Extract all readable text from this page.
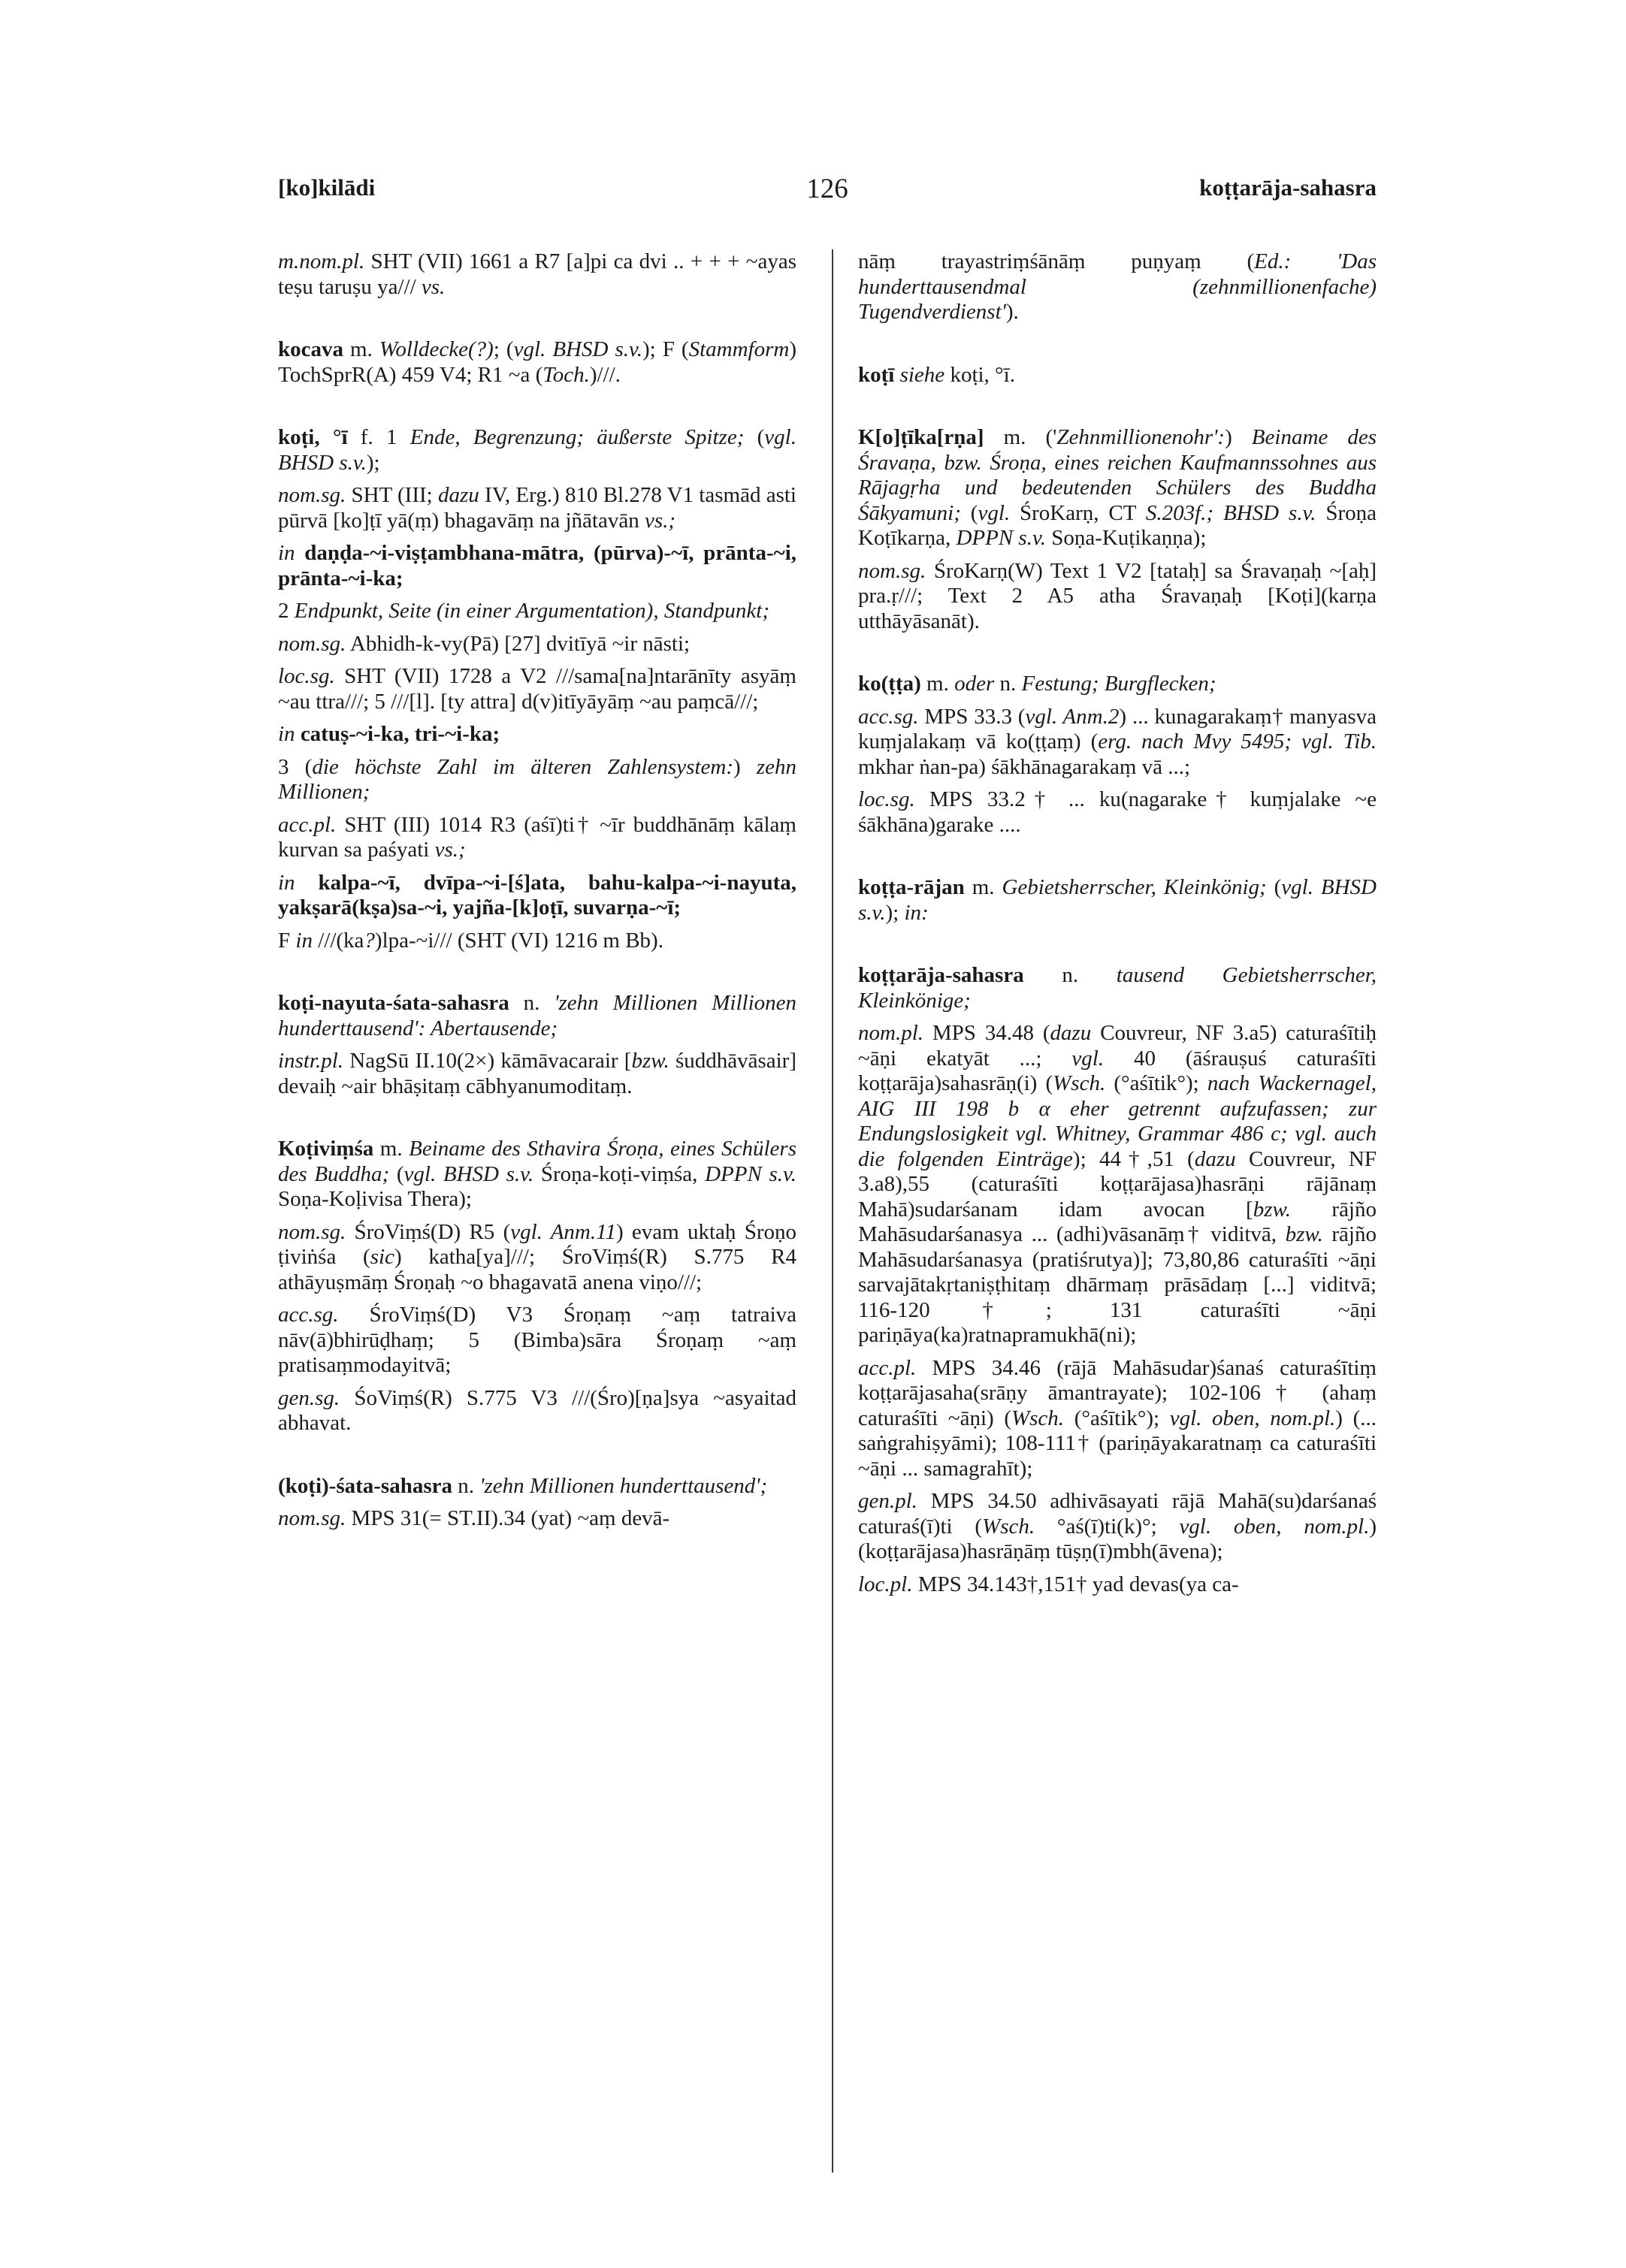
[ko]kilādi	126	koṭṭarāja-sahasra

m.nom.pl. SHT (VII) 1661 a R7 [a]pi ca dvi .. + + + ~ayas teṣu taruṣu ya/// vs.

kocava m. Wolldecke(?); (vgl. BHSD s.v.); F (Stammform) TochSprR(A) 459 V4; R1 ~a (Toch.)///.

koṭi, °ī f. 1 Ende, Begrenzung; äußerste Spitze; (vgl. BHSD s.v.);

nom.sg. SHT (III; dazu IV, Erg.) 810 Bl.278 V1 tasmād asti pūrvā [ko]ṭī yā(ṃ) bhagavāṃ na jñātavān vs.;

in daṇḍa-~i-viṣṭambhana-mātra, (pūrva)-~ī, prānta-~i, prānta-~i-ka;

2 Endpunkt, Seite (in einer Argumentation), Standpunkt;

nom.sg. Abhidh-k-vy(Pā) [27] dvitīyā ~ir nāsti;

loc.sg. SHT (VII) 1728 a V2 ///sama[na]ntarānīty asyāṃ ~au ttra///; 5 ///[l]. [ty attra] d(v)itīyāyāṃ ~au paṃcā///;

in catuṣ-~i-ka, tri-~i-ka;

3 (die höchste Zahl im älteren Zahlensystem:) zehn Millionen;

acc.pl. SHT (III) 1014 R3 (aśī)ti† ~īr buddhānāṃ kālaṃ kurvan sa paśyati vs.;

in kalpa-~ī, dvīpa-~i-[ś]ata, bahu-kalpa-~i-nayuta, yakṣarā(kṣa)sa-~i, yajña-[k]oṭī, suvarṇa-~ī;

F in ///(ka?)lpa-~i/// (SHT (VI) 1216 m Bb).

koṭi-nayuta-śata-sahasra n. 'zehn Millionen Millionen hunderttausend': Abertausende;

instr.pl. NagSū II.10(2×) kāmāvacarair [bzw. śuddhāvāsair] devaiḥ ~air bhāṣitaṃ cābhyanumoditaṃ.

Koṭiviṃśa m. Beiname des Sthavira Śroṇa, eines Schülers des Buddha; (vgl. BHSD s.v. Śroṇa-koṭi-viṃśa, DPPN s.v. Soṇa-Koḷivisa Thera);

nom.sg. ŚroViṃś(D) R5 (vgl. Anm.11) evam uktaḥ Śroṇo ṭiviṅśa (sic) katha[ya]///; ŚroViṃś(R) S.775 R4 athāyuṣmāṃ Śroṇaḥ ~o bhagavatā anena viṇo///;

acc.sg. ŚroViṃś(D) V3 Śroṇaṃ ~aṃ tatraiva nāv(ā)bhirūḍhaṃ; 5 (Bimba)sāra Śroṇaṃ ~aṃ pratisaṃmodayitvā;

gen.sg. ŚoViṃś(R) S.775 V3 ///(Śro)[ṇa]sya ~asyaitad abhavat.

(koṭi)-śata-sahasra n. 'zehn Millionen hunderttausend';

nom.sg. MPS 31(= ST.II).34 (yat) ~aṃ devā-

nāṃ trayastriṃśānāṃ puṇyaṃ (Ed.: 'Das hunderttausendmal (zehnmillionenfache) Tugendverdienst').

koṭī siehe koṭi, °ī.

K[o]ṭīka[rṇa] m. ('Zehnmillionenohr':) Beiname des Śravaṇa, bzw. Śroṇa, eines reichen Kaufmannssohnes aus Rājagṛha und bedeutenden Schülers des Buddha Śākyamuni; (vgl. ŚroKarṇ, CT S.203f.; BHSD s.v. Śroṇa Koṭīkarṇa, DPPN s.v. Soṇa-Kuṭikaṇṇa);

nom.sg. ŚroKarṇ(W) Text 1 V2 [tataḥ] sa Śravaṇaḥ ~[aḥ] pra.ṛ///; Text 2 A5 atha Śravaṇaḥ [Koṭi](karṇa utthāyāsanāt).

ko(ṭṭa) m. oder n. Festung; Burgflecken;

acc.sg. MPS 33.3 (vgl. Anm.2) ... kunagarakaṃ† manyasva kuṃjalakaṃ vā ko(ṭṭaṃ) (erg. nach Mvy 5495; vgl. Tib. mkhar ṅan-pa) śākhānagarakaṃ vā ...;

loc.sg. MPS 33.2† ... ku(nagarake† kuṃjalake ~e śākhāna)garake ....

koṭṭa-rājan m. Gebietsherrscher, Kleinkönig; (vgl. BHSD s.v.); in:

koṭṭarāja-sahasra n. tausend Gebietsherrscher, Kleinkönige;

nom.pl. MPS 34.48 (dazu Couvreur, NF 3.a5) caturaśītiḥ ~āṇi ekatyāt ...; vgl. 40 (āśrauṣuś caturaśīti koṭṭarāja)sahasrāṇ(i) (Wsch. (°aśītik°); nach Wackernagel, AIG III 198 b α eher getrennt aufzufassen; zur Endungslosigkeit vgl. Whitney, Grammar 486 c; vgl. auch die folgenden Einträge); 44†,51 (dazu Couvreur, NF 3.a8),55 (caturaśīti koṭṭarājasa)hasrāṇi rājānaṃ Mahā)sudarśanam idam avocan [bzw. rājño Mahāsudarśanasya ... (adhi)vāsanāṃ† viditvā, bzw. rājño Mahāsudarśanasya (pratiśrutya)]; 73,80,86 caturaśīti ~āṇi sarvajātakṛtaniṣṭhitaṃ dhārmaṃ prāsādaṃ [...] viditvā; 116-120†; 131 caturaśīti ~āṇi pariṇāya(ka)ratnapramukhā(ni);

acc.pl. MPS 34.46 (rājā Mahāsudar)śanaś caturaśītiṃ koṭṭarājasaha(srāṇy āmantrayate); 102-106† (ahaṃ caturaśīti ~āṇi) (Wsch. (°aśītik°); vgl. oben, nom.pl.) (... saṅgrahiṣyāmi); 108-111† (pariṇāyakaratnaṃ ca caturaśīti ~āṇi ... samagrahīt);

gen.pl. MPS 34.50 adhivāsayati rājā Mahā(su)darśanaś caturaś(ī)ti (Wsch. °aś(ī)ti(k)°; vgl. oben, nom.pl.) (koṭṭarājasa)hasrāṇāṃ tūṣṇ(ī)mbh(āvena);

loc.pl. MPS 34.143†,151† yad devas(ya ca-
